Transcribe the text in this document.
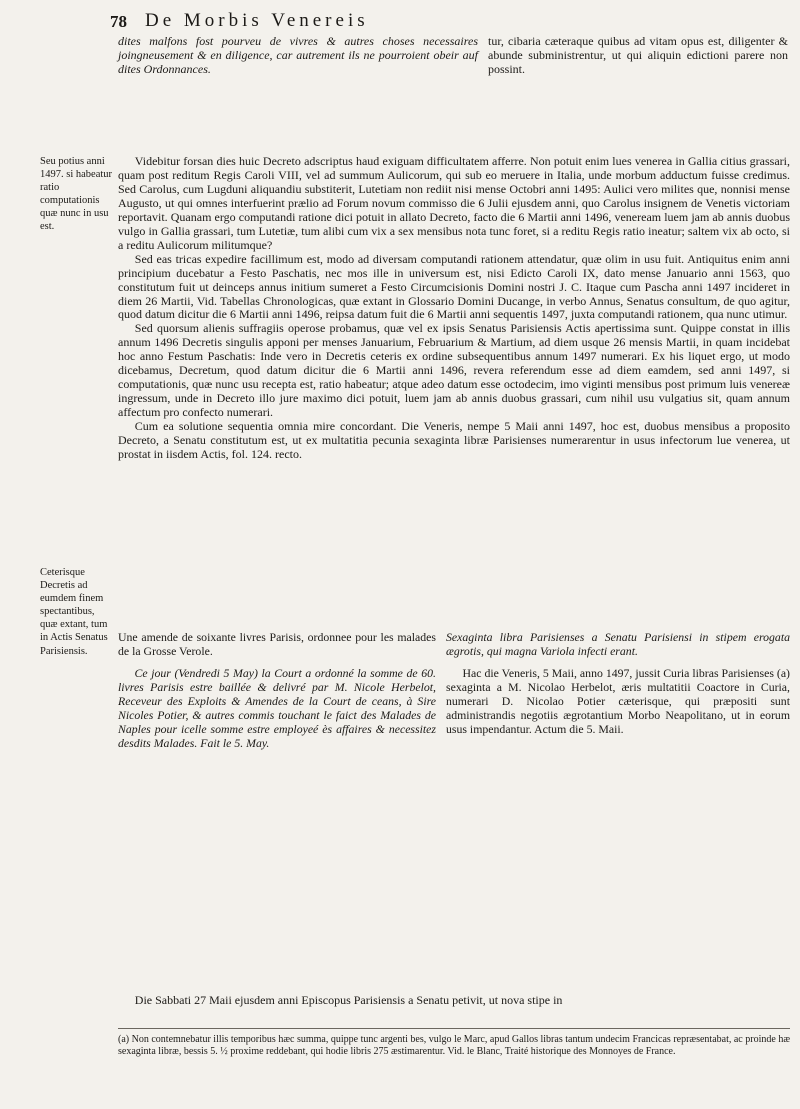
78 De Morbis Venereis
dites malfons fost pourveu de vivres & autres choses necessaires joingneusement & en diligence, car autrement ils ne pourroient obeir auf dites Ordonnances.
tur, cibaria cæteraque quibus ad vitam opus est, diligenter & abunde subministrentur, ut qui aliquin edictioni parere non possint.
Seu potius anni 1497. si habeatur ratio computationis quæ nunc in usu est.
Ceterisque Decretis ad eumdem finem spectantibus, quæ extant, tum in Actis Senatus Parisiensis.

Videbitur forsan dies huic Decreto adscriptus haud exiguam difficultatem afferre. Non potuit enim lues venerea in Gallia citius grassari, quam post reditum Regis Caroli VIII, vel ad summum Aulicorum, qui sub eo meruere in Italia, unde morbum adductum fuisse credimus. Sed Carolus, cum Lugduni aliquandiu substiterit, Lutetiam non rediit nisi mense Octobri anni 1495: Aulici vero milites que, nonnisi mense Augusto, ut qui omnes interfuerint prælio ad Forum novum commisso die 6 Julii ejusdem anni, quo Carolus insignem de Venetis victoriam reportavit. Quanam ergo computandi ratione dici potuit in allato Decreto, facto die 6 Martii anni 1496, veneream luem jam ab annis duobus vulgo in Gallia grassari, tum Lutetiæ, tum alibi cum vix a sex mensibus nota tunc foret, si a reditu Regis ratio ineatur; saltem vix ab octo, si a reditu Aulicorum militumque?

Sed eas tricas expedire facillimum est, modo ad diversam computandi rationem attendatur, quæ olim in usu fuit. Antiquitus enim anni principium ducebatur a Festo Paschatis, nec mos ille in universum est, nisi Edicto Caroli IX, dato mense Januario anni 1563, quo constitutum fuit ut deinceps annus initium sumeret a Festo Circumcisionis Domini nostri J. C. Itaque cum Pascha anni 1497 incideret in diem 26 Martii, Vid. Tabellas Chronologicas, quæ extant in Glossario Domini Ducange, in verbo Annus, Senatus consultum, de quo agitur, quod datum dicitur die 6 Martii anni 1496, reipsa datum fuit die 6 Martii anni sequentis 1497, juxta computandi rationem, qua nunc utimur.

Sed quorsum alienis suffragiis operose probamus, quæ vel ex ipsis Senatus Parisiensis Actis apertissima sunt. Quippe constat in illis annum 1496 Decretis singulis apponi per menses Januarium, Februarium & Martium, ad diem usque 26 mensis Martii, in quam incidebat hoc anno Festum Paschatis: Inde vero in Decretis ceteris ex ordine subsequentibus annum 1497 numerari. Ex his liquet ergo, ut modo dicebamus, Decretum, quod datum dicitur die 6 Martii anni 1496, revera referendum esse ad diem eamdem, sed anni 1497, si computationis, quæ nunc usu recepta est, ratio habeatur; atque adeo datum esse octodecim, imo viginti mensibus post primum luis venereæ ingressum, unde in Decreto illo jure maximo dici potuit, luem jam ab annis duobus grassari, cum nihil usu vulgatius sit, quam annum affectum pro confecto numerari.

Cum ea solutione sequentia omnia mire concordant. Die Veneris, nempe 5 Maii anni 1497, hoc est, duobus mensibus a proposito Decreto, a Senatu constitutum est, ut ex multatitia pecunia sexaginta libræ Parisienses numerarentur in usus infectorum lue venerea, ut prostat in iisdem Actis, fol. 124. recto.

Une amende de soixante livres Parisis, ordonnee pour les malades de la Grosse Verole.

Ce jour (Vendredi 5 May) la Court a ordonné la somme de 60. livres Parisis estre baillée & delivré par M. Nicole Herbelot, Receveur des Exploits & Amendes de la Court de ceans, à Sire Nicoles Potier, & autres commis touchant le faict des Malades de Naples pour icelle somme estre employeé ès affaires & necessitez desdits Malades. Fait le 5. May.

Sexaginta libra Parisienses a Senatu Parisiensi in stipem erogata ægrotis, qui magna Variola infecti erant.

Hac die Veneris, 5 Maii, anno 1497, jussit Curia libras Parisienses (a) sexaginta a M. Nicolao Herbelot, æris multatitii Coactore in Curia, numerari D. Nicolao Potier cæterisque, qui præpositi sunt administrandis negotiis ægrotantium Morbo Neapolitano, ut in eorum usus impendantur. Actum die 5. Maii.

Die Sabbati 27 Maii ejusdem anni Episcopus Parisiensis a Senatu petivit, ut nova stipe in

(a) Non contemnebatur illis temporibus hæc summa, quippe tunc argenti bes, vulgo le Marc, apud Gallos libras tantum undecim Francicas repræsentabat, ac proinde hæ sexaginta libræ, bessis 5. ½ proxime reddebant, qui hodie libris 275 æstimarentur. Vid. le Blanc, Traité historique des Monnoyes de France.
